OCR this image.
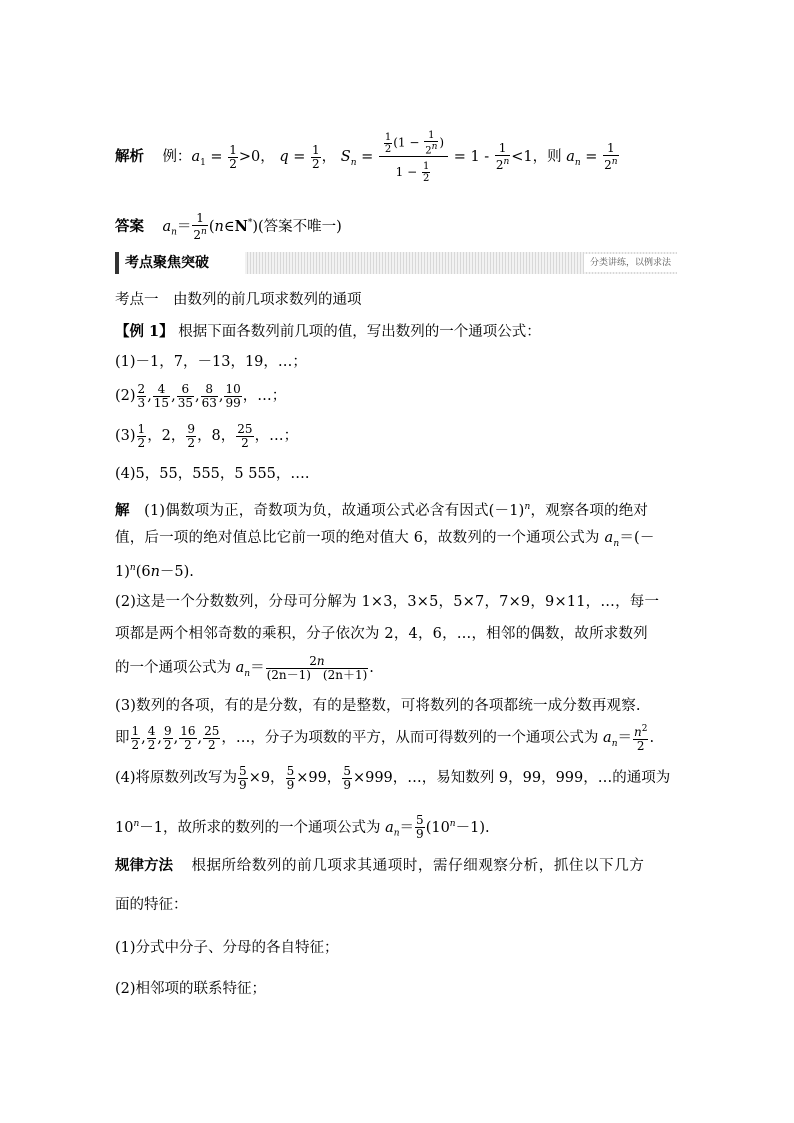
解析 例：$a_1 = \frac{1}{2} >0$， $q = \frac{1}{2}$ ， $S_n = \frac{\frac{1}{2} (1 - \frac{1}{2^n} )}{1 - \frac{1}{2}} = 1 - \frac{1}{2^n} <1$，则 $a_n = \frac{1}{2^n}$
答案 $a_n= \frac{1}{2^n}$ (n∈N*)(答案不唯一)
考点聚焦突破	分类讲练，以例求法
考点一　由数列的前几项求数列的通项
【例 1】 根据下面各数列前几项的值，写出数列的一个通项公式：
(1)－1，7，－13，19，…；
$(2) \frac{2}{3}$ , $\frac{4}{15}$ , $\frac{6}{35}$ , $\frac{8}{63}$ , $\frac{10}{99}$ ，…；
$(3) \frac{1}{2}$ ，2， $\frac{9}{2}$ ，8， $\frac{25}{2}$ ，…；
(4)5，55，555，5 555，….
解 (1)偶数项为正，奇数项为负，故通项公式必含有因式$(-1)^n$，观察各项的绝对
值，后一项的绝对值总比它前一项的绝对值大 6，故数列的一个通项公式为 $a_n=(-$
1)$^n$(6n－5).
(2)这是一个分数数列，分母可分解为 1×3，3×5，5×7，7×9，9×11，…，每一
项都是两个相邻奇数的乘积，分子依次为 2，4，6，…，相邻的偶数，故所求数列
的一个通项公式为 $a_n= \frac{2n}{(2n-1) (2n+1)}$ .
(3)数列的各项，有的是分数，有的是整数，可将数列的各项都统一成分数再观察.
即 $\frac{1}{2}$ , $\frac{4}{2}$ , $\frac{9}{2}$ , $\frac{16}{2}$ , $\frac{25}{2}$ ，…，分子为项数的平方，从而可得数列的一个通项公式为 $a_n= \frac{n^2}{2}$ .
(4)将原数列改写为 $\frac{5}{9} \times 9$， $\frac{5}{9} \times 99$， $\frac{5}{9} \times 999$，…，易知数列 9，99，999，…的通项为
$10^n-1$，故所求的数列的一个通项公式为 $a_n= \frac{5}{9} (10^n-1)$.
规律方法 根据所给数列的前几项求其通项时，需仔细观察分析，抓住以下几方
面的特征：
(1)分式中分子、分母的各自特征；
(2)相邻项的联系特征；
